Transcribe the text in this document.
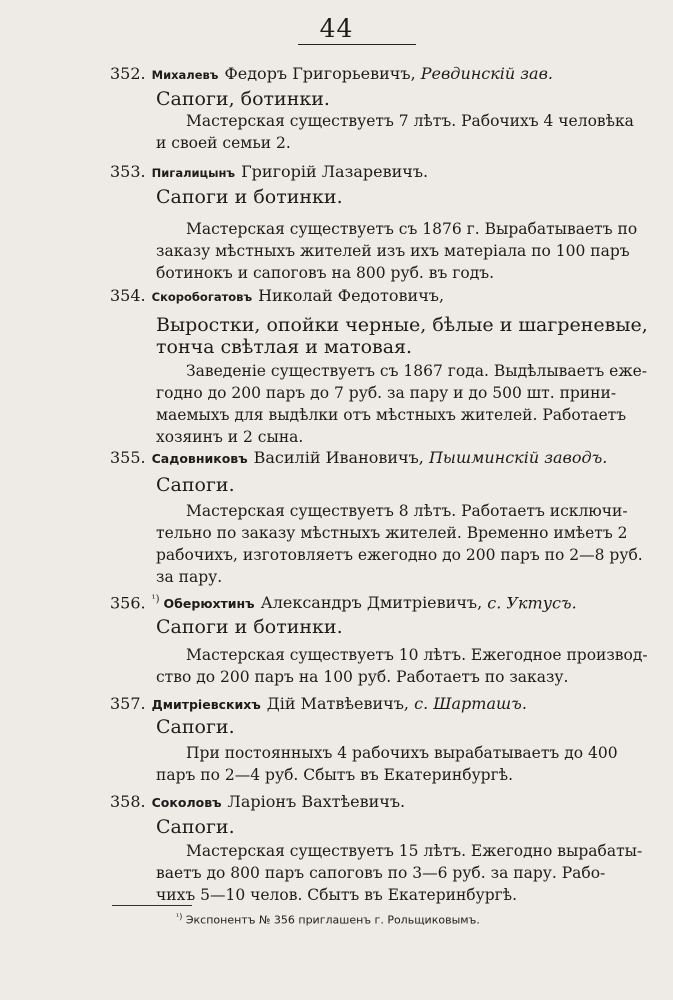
44
352. Михалевъ Федоръ Григорьевичъ, Ревдинскій зав.
Сапоги, ботинки.
Мастерская существуетъ 7 лѣтъ. Рабочихъ 4 человѣка
и своей семьи 2.
353. Пигалицынъ Григорій Лазаревичъ.
Сапоги и ботинки.
Мастерская существуетъ съ 1876 г. Вырабатываетъ по
заказу мѣстныхъ жителей изъ ихъ матеріала по 100 паръ
ботинокъ и сапоговъ на 800 руб. въ годъ.
354. Скоробогатовъ Николай Федотовичъ,
Выростки, опойки черные, бѣлые и шагреневые,
тонча свѣтлая и матовая.
Заведеніе существуетъ съ 1867 года. Выдѣлываетъ еже-
годно до 200 паръ до 7 руб. за пару и до 500 шт. прини-
маемыхъ для выдѣлки отъ мѣстныхъ жителей. Работаетъ
хозяинъ и 2 сына.
355. Садовниковъ Василій Ивановичъ, Пышминскій заводъ.
Сапоги.
Мастерская существуетъ 8 лѣтъ. Работаетъ исключи-
тельно по заказу мѣстныхъ жителей. Временно имѣетъ 2
рабочихъ, изготовляетъ ежегодно до 200 паръ по 2—8 руб.
за пару.
356. $^{^1)}$ Оберюхтинъ Александръ Дмитріевичъ, с. Уктусъ.
Сапоги и ботинки.
Мастерская существуетъ 10 лѣтъ. Ежегодное производ-
ство до 200 паръ на 100 руб. Работаетъ по заказу.
357. Дмитріевскихъ Дій Матвѣевичъ, с. Шарташъ.
Сапоги.
При постоянныхъ 4 рабочихъ вырабатываетъ до 400
паръ по 2—4 руб. Сбытъ въ Екатеринбургѣ.
358. Соколовъ Ларіонъ Вахтѣевичъ.
Сапоги.
Мастерская существуетъ 15 лѣтъ. Ежегодно вырабаты-
ваетъ до 800 паръ сапоговъ по 3—6 руб. за пару. Рабо-
чихъ 5—10 челов. Сбытъ въ Екатеринбургѣ.
$^{^1)}$ Экспонентъ № 356 приглашенъ г. Рольщиковымъ.
